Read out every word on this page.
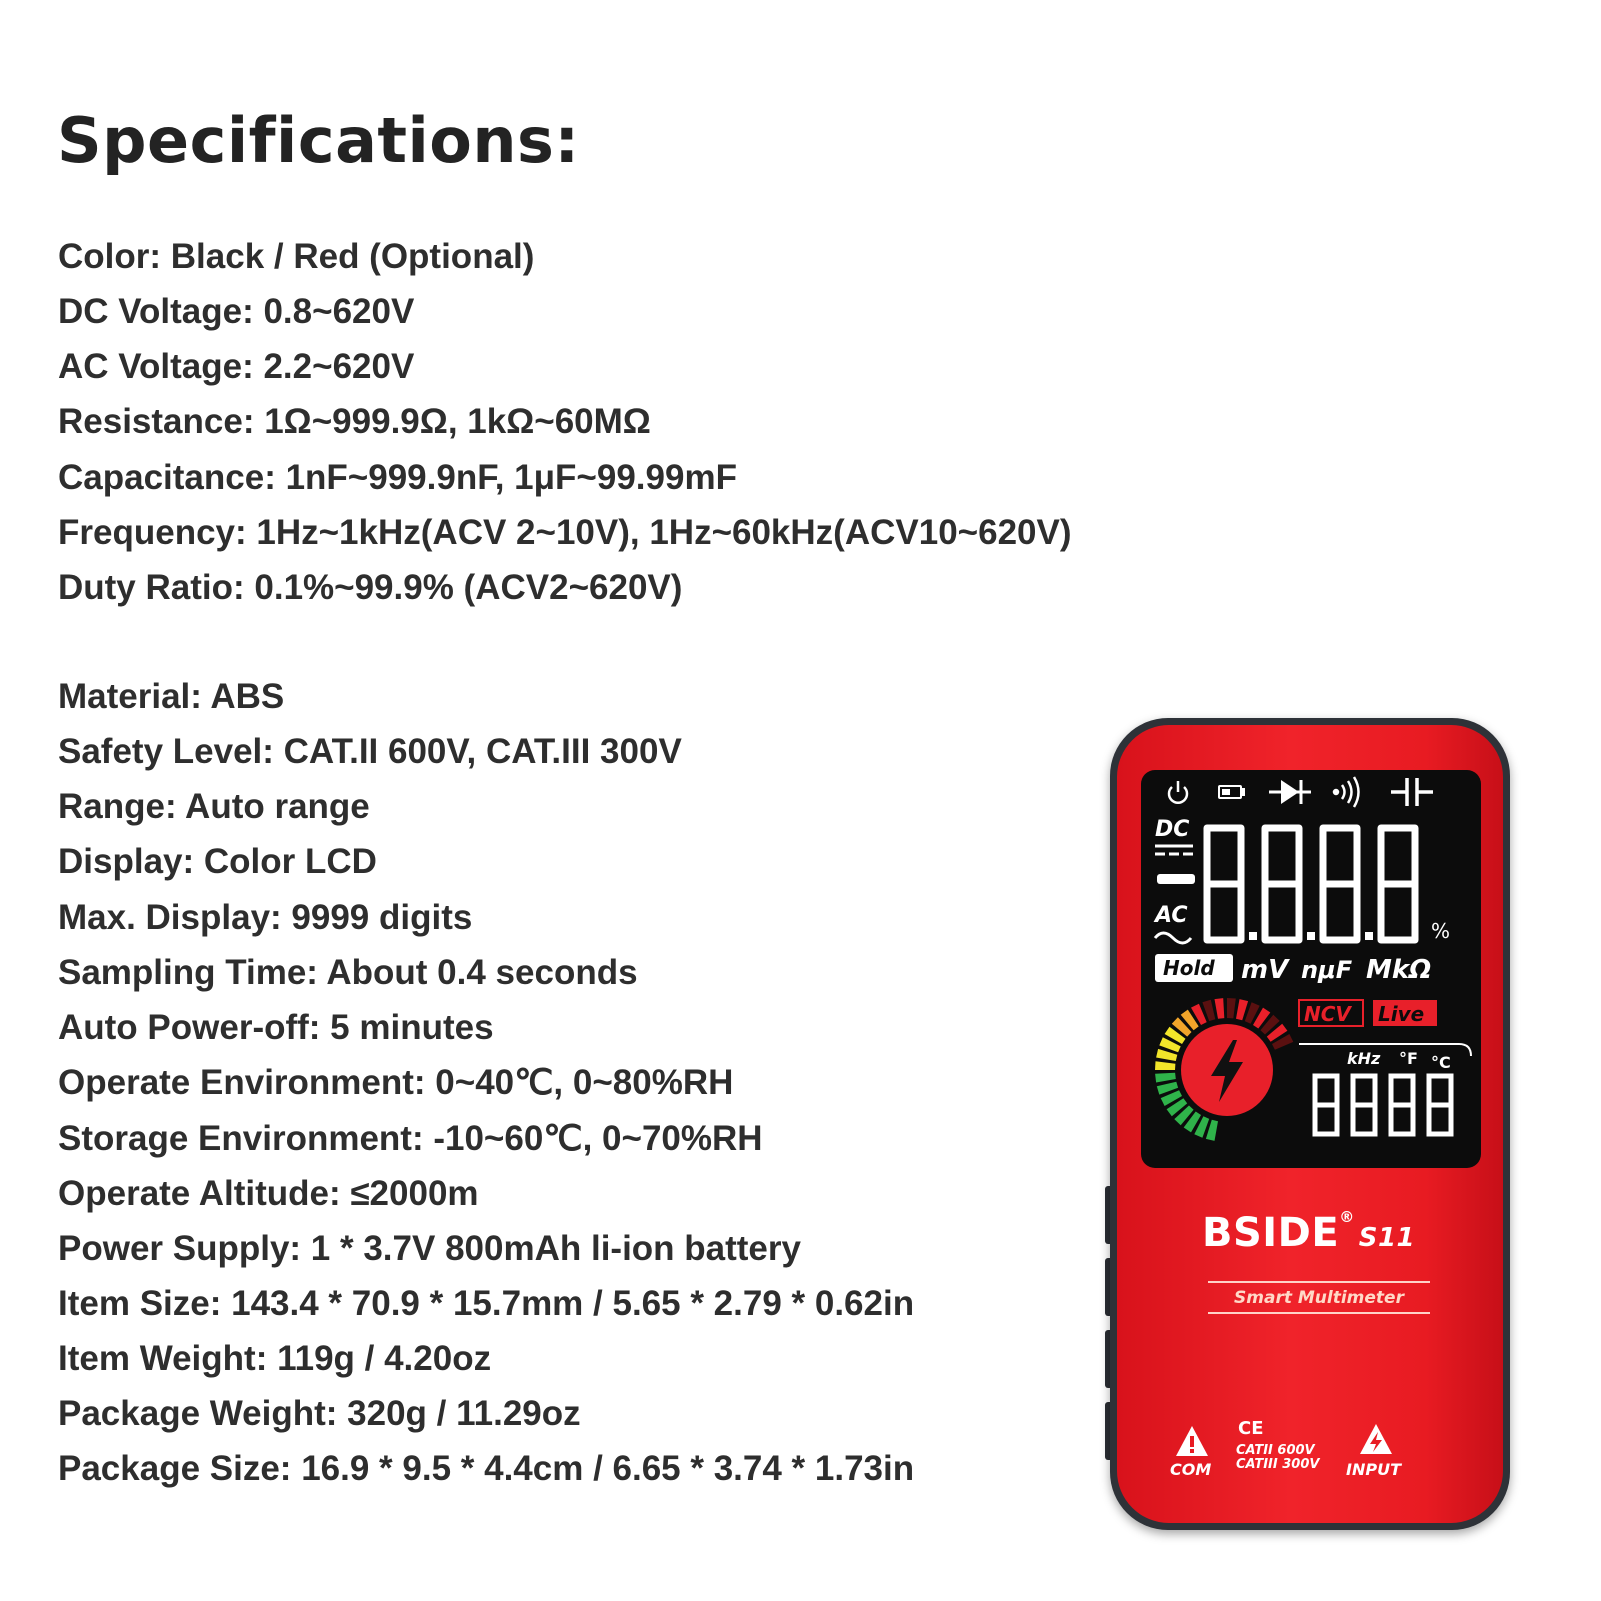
Specifications:
Color: Black / Red (Optional)
DC Voltage: 0.8~620V
AC Voltage: 2.2~620V
Resistance: 1Ω~999.9Ω, 1kΩ~60MΩ
Capacitance: 1nF~999.9nF, 1μF~99.99mF
Frequency: 1Hz~1kHz(ACV 2~10V), 1Hz~60kHz(ACV10~620V)
Duty Ratio: 0.1%~99.9% (ACV2~620V)
Material: ABS
Safety Level: CAT.II 600V, CAT.III 300V
Range: Auto range
Display: Color LCD
Max. Display: 9999 digits
Sampling Time: About 0.4 seconds
Auto Power-off: 5 minutes
Operate Environment: 0~40℃, 0~80%RH
Storage Environment: -10~60℃, 0~70%RH
Operate Altitude: ≤2000m
Power Supply: 1 * 3.7V 800mAh li-ion battery
Item Size: 143.4 * 70.9 * 15.7mm / 5.65 * 2.79 * 0.62in
Item Weight: 119g / 4.20oz
Package Weight: 320g / 11.29oz
Package Size: 16.9 * 9.5 * 4.4cm / 6.65 * 3.74 * 1.73in
DC
AC
%
Hold mV nμF MkΩ
NCV Live
kHz °F °C
BSIDE®S11
Smart Multimeter
COM
CE
CATII 600V
CATIII 300V INPUT
